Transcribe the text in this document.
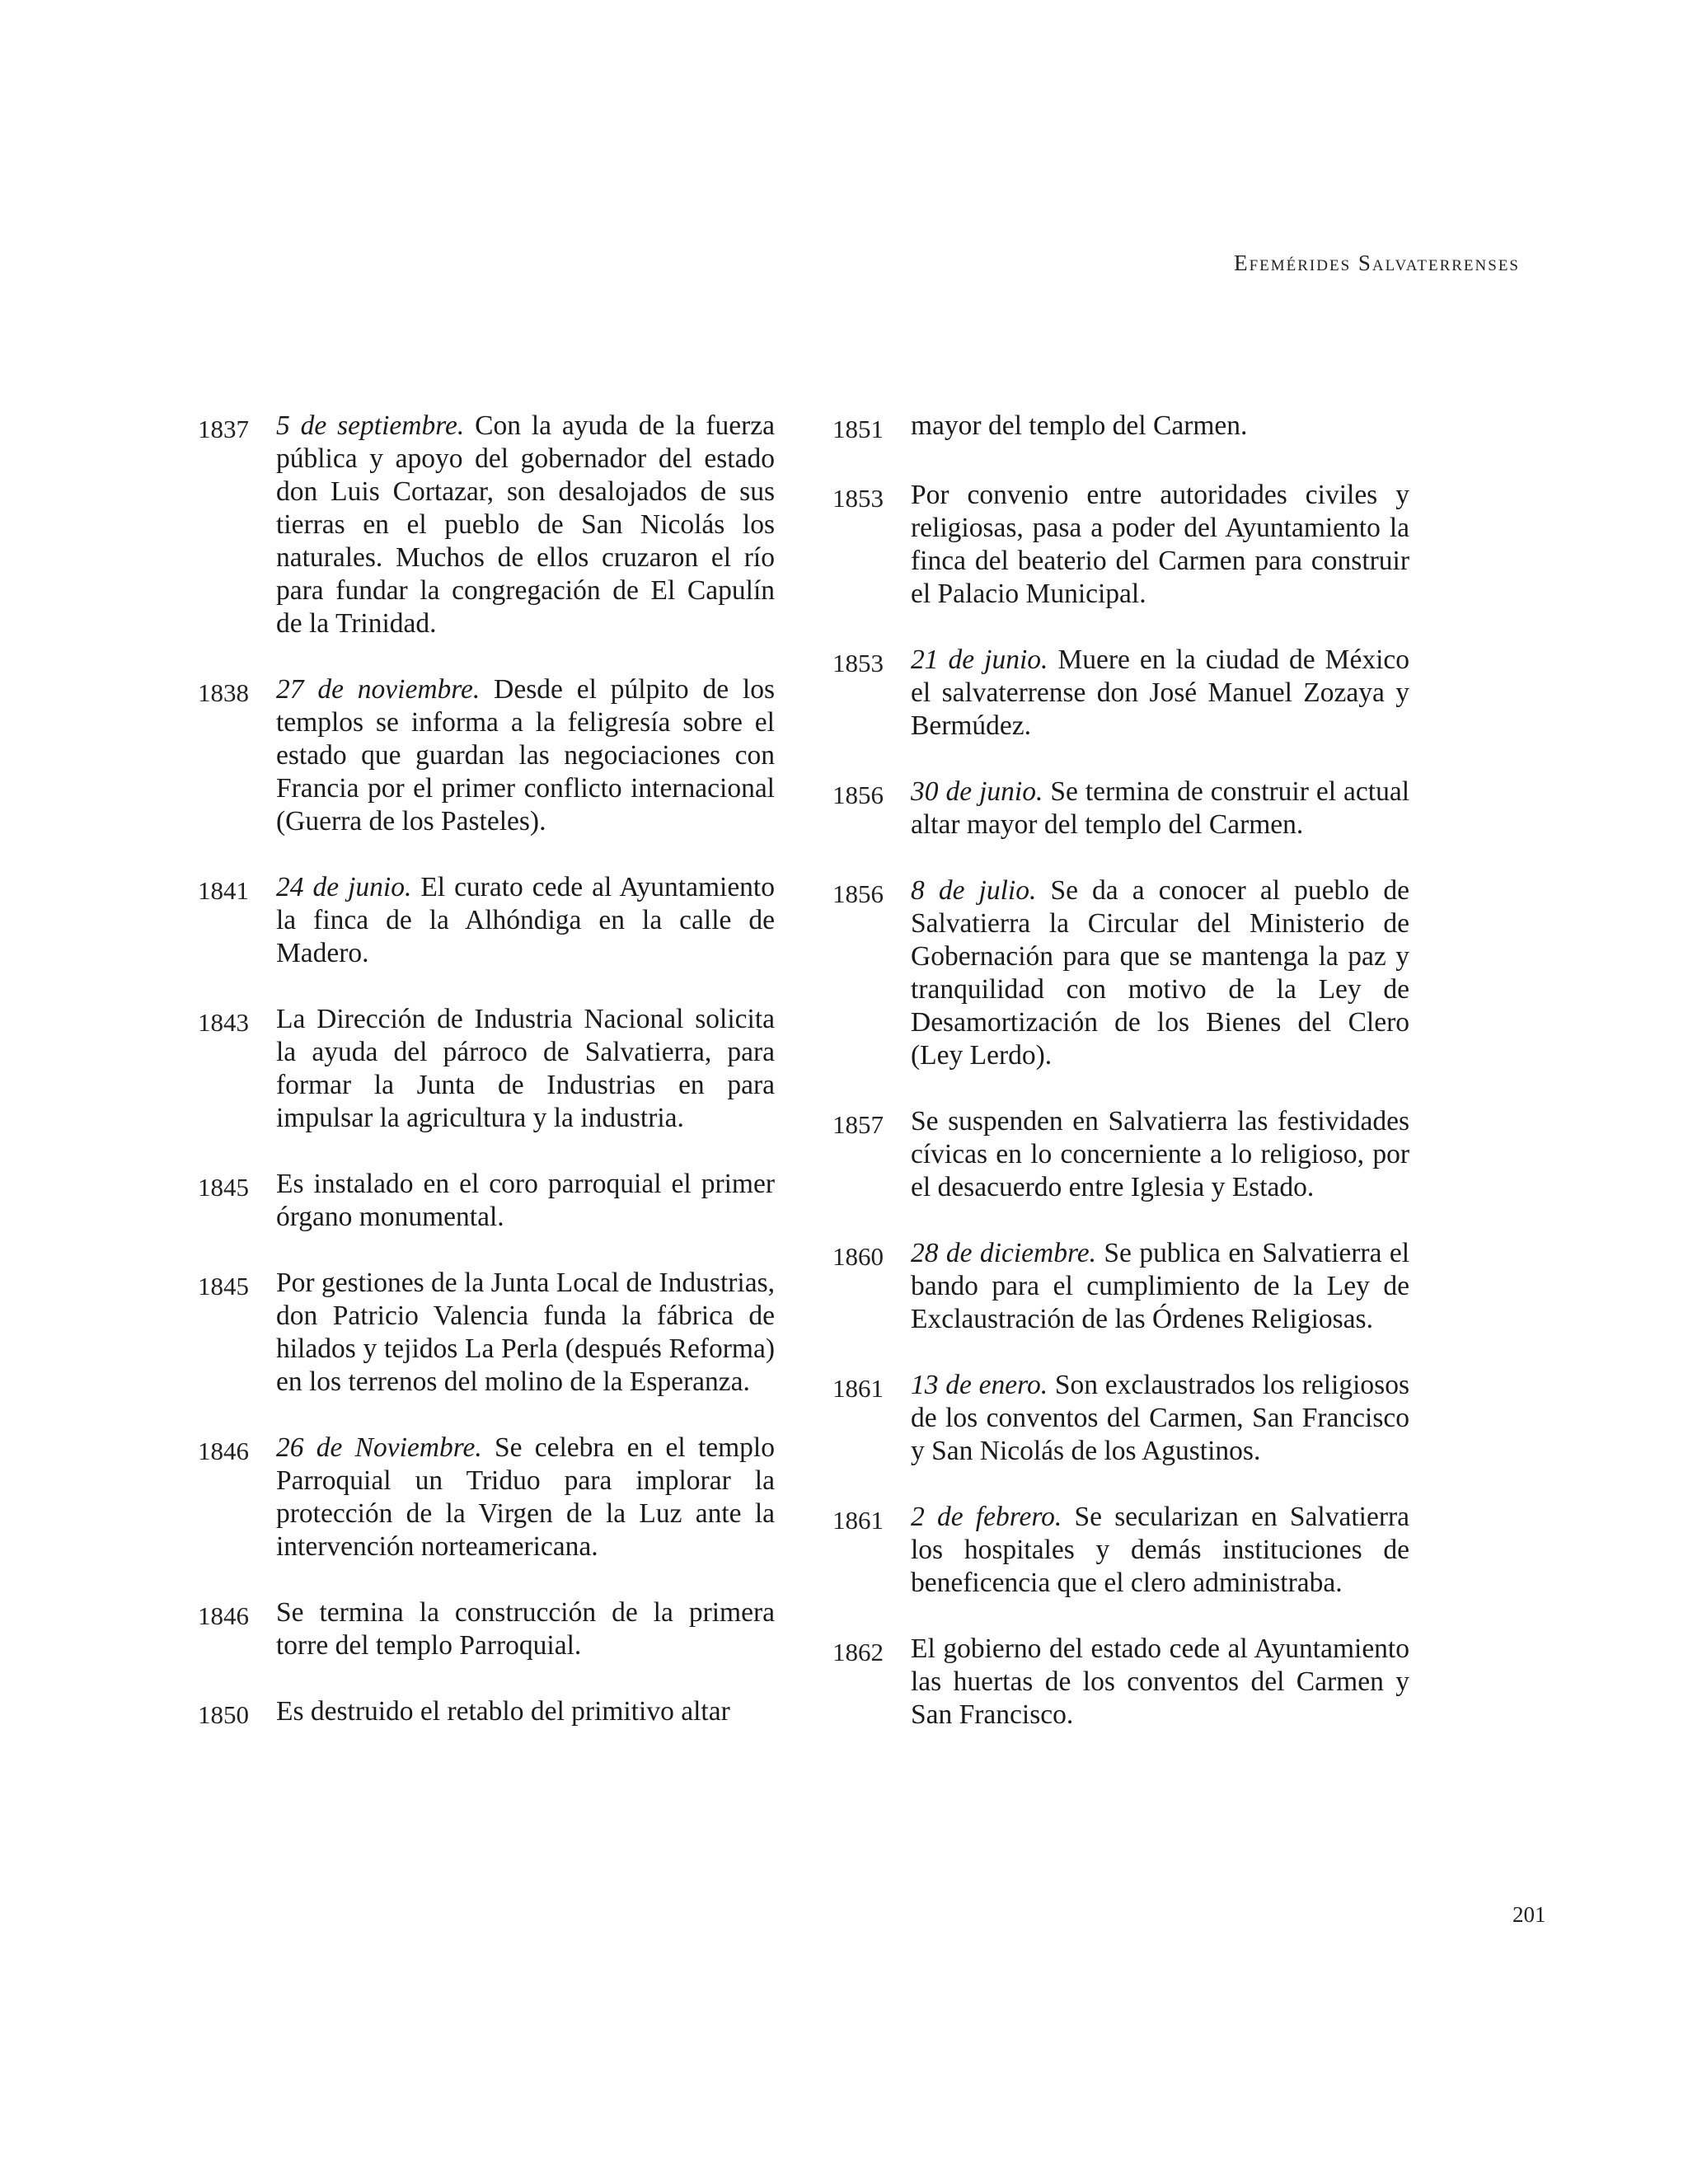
Efemérides Salvaterrenses
1837 5 de septiembre. Con la ayuda de la fuerza pública y apoyo del gobernador del estado don Luis Cortazar, son desalojados de sus tierras en el pueblo de San Nicolás los naturales. Muchos de ellos cruzaron el río para fundar la congregación de El Capulín de la Trinidad.

1838 27 de noviembre. Desde el púlpito de los templos se informa a la feligresía sobre el estado que guardan las negociaciones con Francia por el primer conflicto internacional (Guerra de los Pasteles).

1841 24 de junio. El curato cede al Ayuntamiento la finca de la Alhóndiga en la calle de Madero.

1843 La Dirección de Industria Nacional solicita la ayuda del párroco de Salvatierra, para formar la Junta de Industrias en para impulsar la agricultura y la industria.

1845 Es instalado en el coro parroquial el primer órgano monumental.

1845 Por gestiones de la Junta Local de Industrias, don Patricio Valencia funda la fábrica de hilados y tejidos La Perla (después Reforma) en los terrenos del molino de la Esperanza.

1846 26 de Noviembre. Se celebra en el templo Parroquial un Triduo para implorar la protección de la Virgen de la Luz ante la intervención norteamericana.

1846 Se termina la construcción de la primera torre del templo Parroquial.

1850 Es destruido el retablo del primitivo altar

1851 mayor del templo del Carmen.

1853 Por convenio entre autoridades civiles y religiosas, pasa a poder del Ayuntamiento la finca del beaterio del Carmen para construir el Palacio Municipal.

1853 21 de junio. Muere en la ciudad de México el salvaterrense don José Manuel Zozaya y Bermúdez.

1856 30 de junio. Se termina de construir el actual altar mayor del templo del Carmen.

1856 8 de julio. Se da a conocer al pueblo de Salvatierra la Circular del Ministerio de Gobernación para que se mantenga la paz y tranquilidad con motivo de la Ley de Desamortización de los Bienes del Clero (Ley Lerdo).

1857 Se suspenden en Salvatierra las festividades cívicas en lo concerniente a lo religioso, por el desacuerdo entre Iglesia y Estado.

1860 28 de diciembre. Se publica en Salvatierra el bando para el cumplimiento de la Ley de Exclaustración de las Órdenes Religiosas.

1861 13 de enero. Son exclaustrados los religiosos de los conventos del Carmen, San Francisco y San Nicolás de los Agustinos.

1861 2 de febrero. Se secularizan en Salvatierra los hospitales y demás instituciones de beneficencia que el clero administraba.

1862 El gobierno del estado cede al Ayuntamiento las huertas de los conventos del Carmen y San Francisco.

201
